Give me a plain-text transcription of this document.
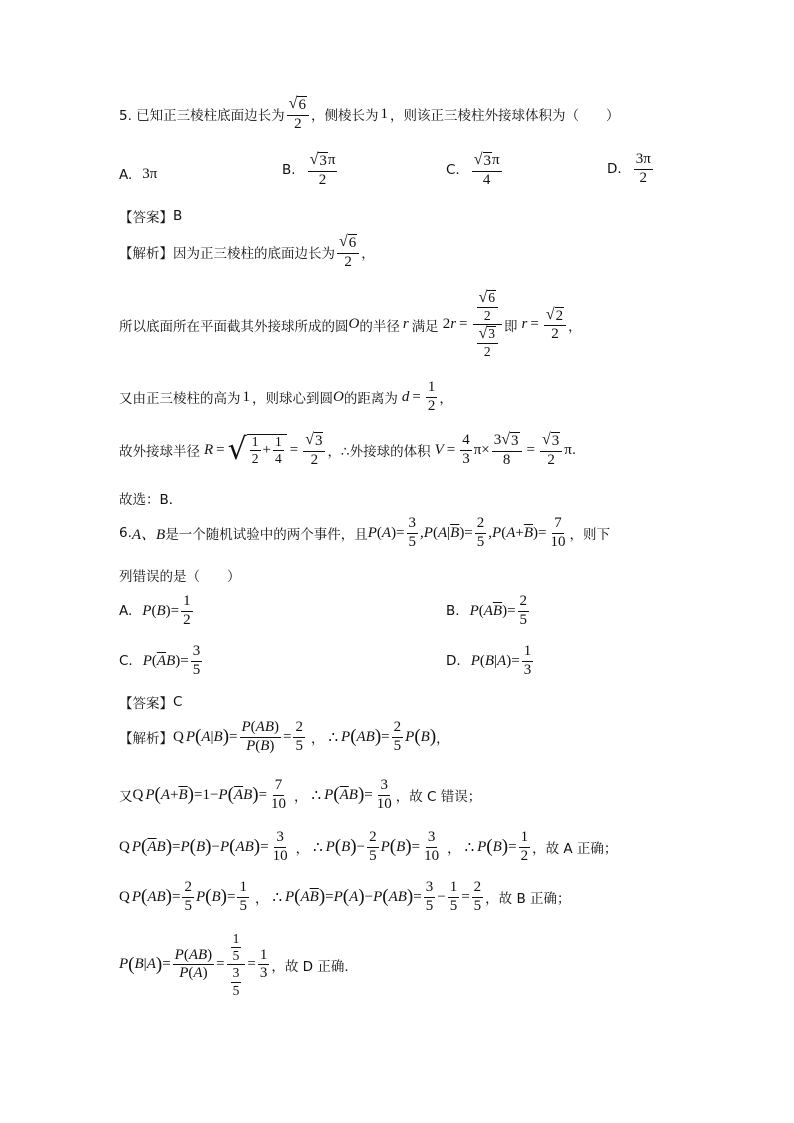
5. 已知正三棱柱底面边长为 $\frac{√ 6}{2}$ ，侧棱长为 1 ，则该正三棱柱外接球体积为（　　）
A. 3π	B. $\frac{√ 3 \pi}{2}$	C. $\frac{√ 3 \pi}{4}$	D. $\frac{3\pi}{2}$
【答案】 B
【解析】 因为正三棱柱的底面边长为 $\frac{√ 6}{2}$ ，
所以底面所在平面截其外接球所成的圆 O 的半径 r 满足 2 $r = \frac{\frac{√ 6}{2}}{\frac{√ 3}{2}}$ 即 $r = \frac{√ 2}{2}$ ，
又由正三棱柱的高为 1 ，则球心到圆 O 的距离为 $d = \frac{1}{2}$ ，
故外接球半径 R = √ $\frac{1}{2} + \frac{1}{4} = \frac{√ 3}{2}$ ，∴外接球的体积 $V = \frac{4}{3} \pi\times \frac{3 √ 3}{8} = \frac{√ 3}{2}$ π .
故选：B．
6. A、B 是一个随机试验中的两个事件，且 P ( A )= $\frac{3}{5}$ , P ( A | $\overline{B}$ )= $\frac{2}{5}$ , P ( $A + \overline{B}$ )= $\frac{7}{10}$ ，则下
列错误的是（　　）
A. P ( B )= $\frac{1}{2}$	B. P ( A $\overline{B}$ )= $\frac{2}{5}$
C. P ( $\overline{A}$ B )= $\frac{3}{5}$	D. P ( B | A )= $\frac{1}{3}$
【答案】 C
【解析】 Q P ( A | B ) = $\frac{P(AB)}{P(B)} = \frac{2}{5}$ ， ∴ P ( AB ) = $\frac{2}{5}$ P ( B ) ，
又 Q P ( $A + \overline{B}$ ) =1− P ( $\overline{A}$ B ) = $\frac{7}{10}$ ， ∴ P ( $\overline{A}$ B ) = $\frac{3}{10}$ ，故 C 错误；
Q P ( $\overline{A}$ B ) = P ( B ) − P ( AB ) = $\frac{3}{10}$ ， ∴ P ( B ) − $\frac{2}{5}$ P ( B ) = $\frac{3}{10}$ ， ∴ P ( B ) = $\frac{1}{2}$ ，故 A 正确；
Q P ( AB ) = $\frac{2}{5}$ P ( B ) = $\frac{1}{5}$ ， ∴ P ( A $\overline{B}$ ) = P ( A ) − P ( AB ) = $\frac{3}{5} - \frac{1}{5} = \frac{2}{5}$ ，故 B 正确；
P ( B | A ) = $\frac{P(AB)}{P(A)} = \frac{\frac{1}{5}}{\frac{3}{5}} = \frac{1}{3}$ ，故 D 正确.
